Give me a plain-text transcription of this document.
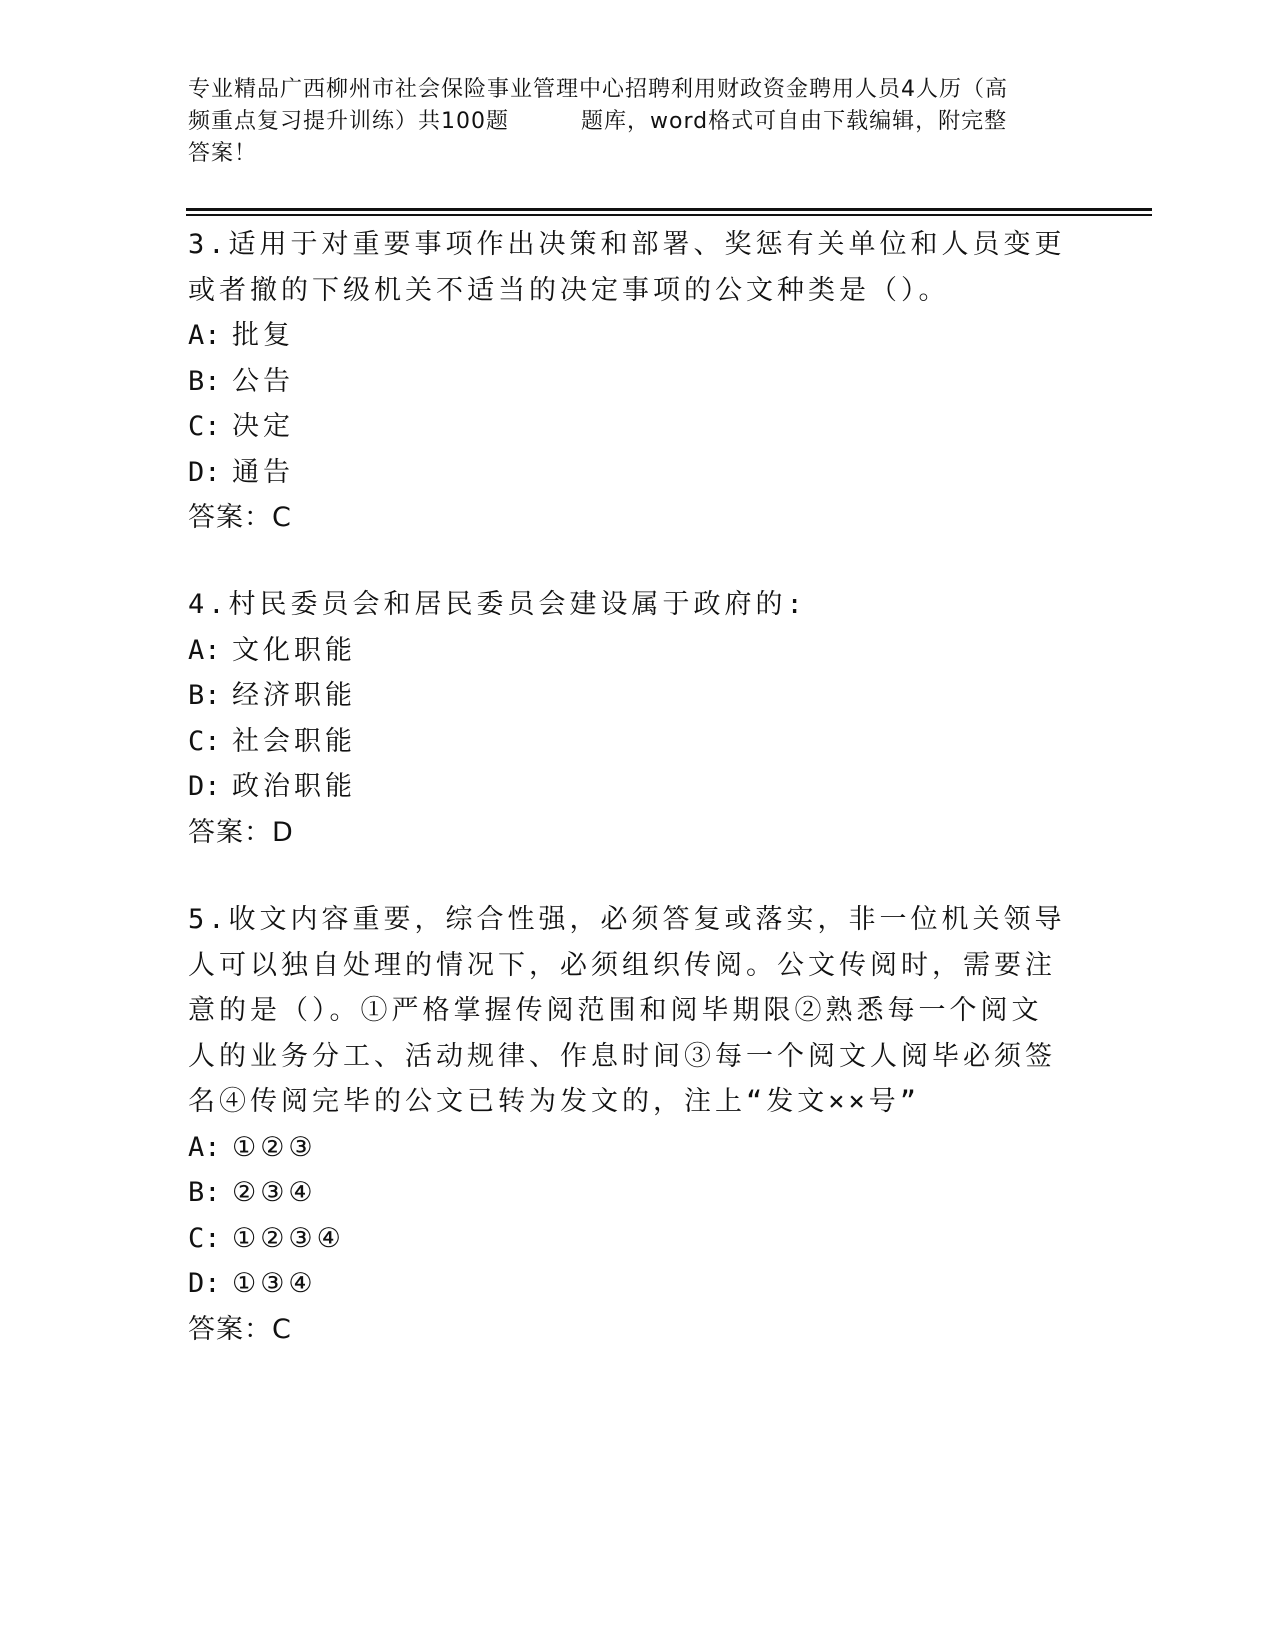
专业精品广西柳州市社会保险事业管理中心招聘利用财政资金聘用人员4人历（高
频重点复习提升训练）共100题	题库，word格式可自由下载编辑，附完整
答案！

3.适用于对重要事项作出决策和部署、奖惩有关单位和人员变更或者撤的下级机关不适当的决定事项的公文种类是（）。

A: 批复

B: 公告

C: 决定

D: 通告

答案：C

4.村民委员会和居民委员会建设属于政府的:

A: 文化职能

B: 经济职能

C: 社会职能

D: 政治职能

答案：D

5.收文内容重要，综合性强，必须答复或落实，非一位机关领导人可以独自处理的情况下，必须组织传阅。公文传阅时，需要注意的是（）。①严格掌握传阅范围和阅毕期限②熟悉每一个阅文人的业务分工、活动规律、作息时间③每一个阅文人阅毕必须签名④传阅完毕的公文已转为发文的，注上“发文××号”

A: ①②③

B: ②③④

C: ①②③④

D: ①③④

答案：C
